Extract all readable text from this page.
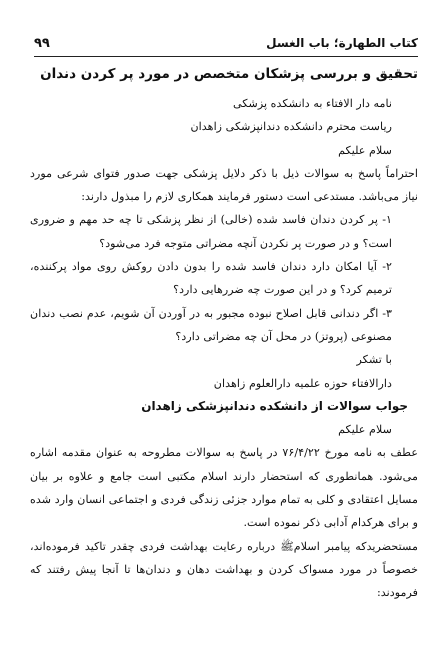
کتاب الطهارة؛ باب الغسل
۹۹
تحقیق و بررسی پزشکان متخصص در مورد پر کردن دندان

نامه دار الافتاء به دانشکده پزشکی

ریاست محترم دانشکده دندانپزشکی زاهدان

سلام علیکم

احتراماً پاسخ به سوالات ذیل با ذکر دلایل پزشکی جهت صدور فتوای شرعی مورد نیاز می‌باشد. مستدعی است دستور فرمایند همکاری لازم را مبذول دارند:

۱- پر کردن دندان فاسد شده (خالی) از نظر پزشکی تا چه حد مهم و ضروری است؟ و در صورت پر نکردن آنچه مضراتی متوجه فرد می‌شود؟

۲- آیا امکان دارد دندان فاسد شده را بدون دادن روکش روی مواد پرکننده، ترمیم کرد؟ و در این صورت چه ضررهایی دارد؟

۳- اگر دندانی قابل اصلاح نبوده مجبور به در آوردن آن شویم، عدم نصب دندان مصنوعی (پروتز) در محل آن چه مضراتی دارد؟

با تشکر

دارالافتاء حوزه علمیه دارالعلوم زاهدان

جواب سوالات از دانشکده دندانپزشکی زاهدان

سلام علیکم

عطف به نامه مورخ ۷۶/۴/۲۲ در پاسخ به سوالات مطروحه به عنوان مقدمه اشاره می‌شود. همانطوری که استحضار دارند اسلام مکتبی است جامع و علاوه بر بیان مسایل اعتقادی و کلی به تمام موارد جزئی زندگی فردی و اجتماعی انسان وارد شده و برای هرکدام آدابی ذکر نموده است.

مستحضرید‌که پیامبر اسلامﷺ درباره رعایت بهداشت فردی چقدر تاکید فرموده‌اند، خصوصاً در مورد مسواک کردن و بهداشت دهان و دندان‌ها تا آنجا پیش رفتند که فرمودند:
